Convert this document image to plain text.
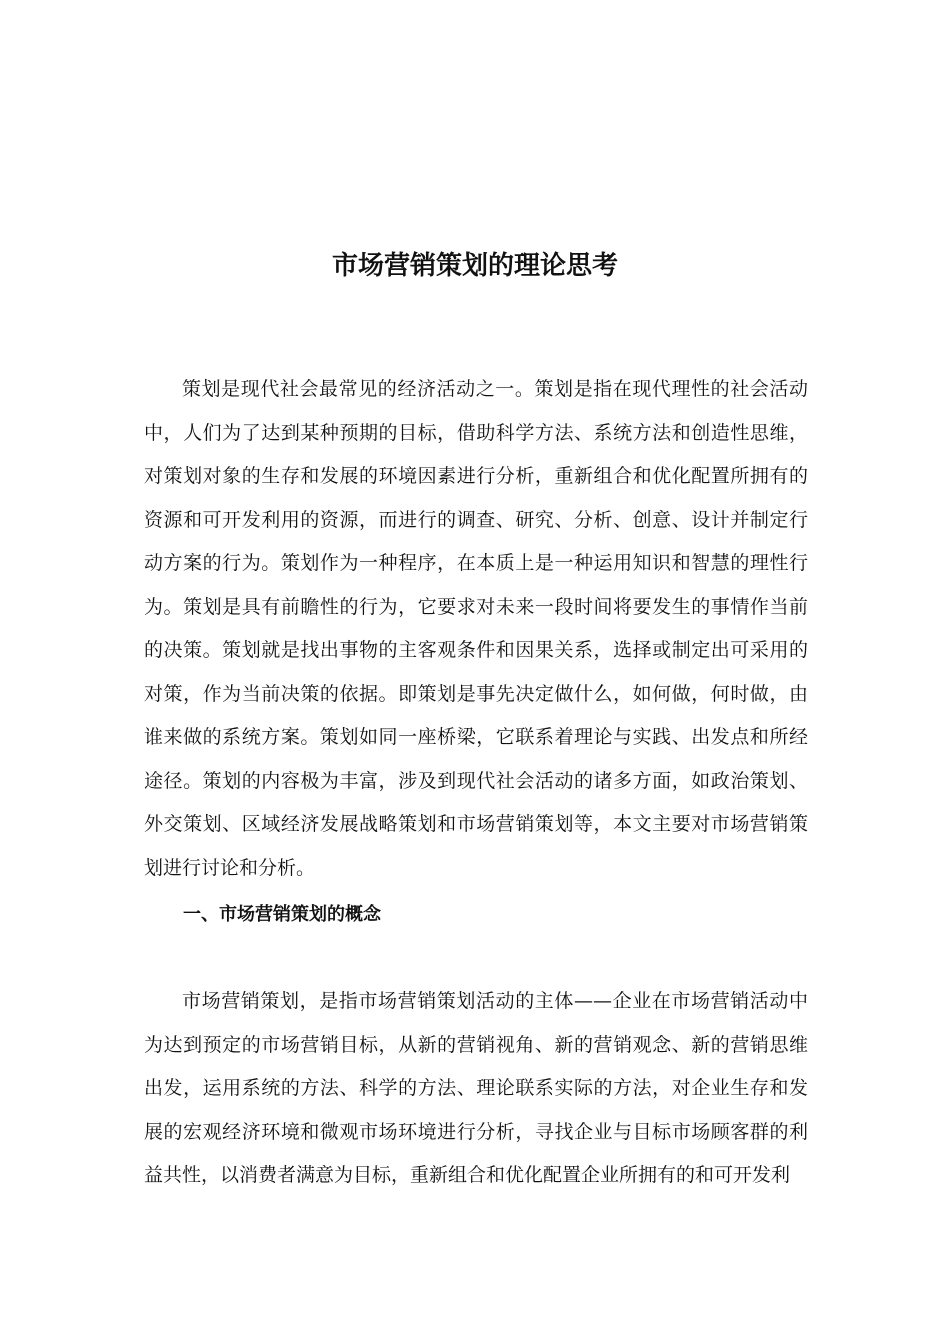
市场营销策划的理论思考

策划是现代社会最常见的经济活动之一。策划是指在现代理性的社会活动中，人们为了达到某种预期的目标，借助科学方法、系统方法和创造性思维，对策划对象的生存和发展的环境因素进行分析，重新组合和优化配置所拥有的资源和可开发利用的资源，而进行的调查、研究、分析、创意、设计并制定行动方案的行为。策划作为一种程序，在本质上是一种运用知识和智慧的理性行为。策划是具有前瞻性的行为，它要求对未来一段时间将要发生的事情作当前的决策。策划就是找出事物的主客观条件和因果关系，选择或制定出可采用的对策，作为当前决策的依据。即策划是事先决定做什么，如何做，何时做，由谁来做的系统方案。策划如同一座桥梁，它联系着理论与实践、出发点和所经途径。策划的内容极为丰富，涉及到现代社会活动的诸多方面，如政治策划、外交策划、区域经济发展战略策划和市场营销策划等，本文主要对市场营销策划进行讨论和分析。

一、市场营销策划的概念

市场营销策划，是指市场营销策划活动的主体——企业在市场营销活动中为达到预定的市场营销目标，从新的营销视角、新的营销观念、新的营销思维出发，运用系统的方法、科学的方法、理论联系实际的方法，对企业生存和发展的宏观经济环境和微观市场环境进行分析，寻找企业与目标市场顾客群的利益共性，以消费者满意为目标，重新组合和优化配置企业所拥有的和可开发利
